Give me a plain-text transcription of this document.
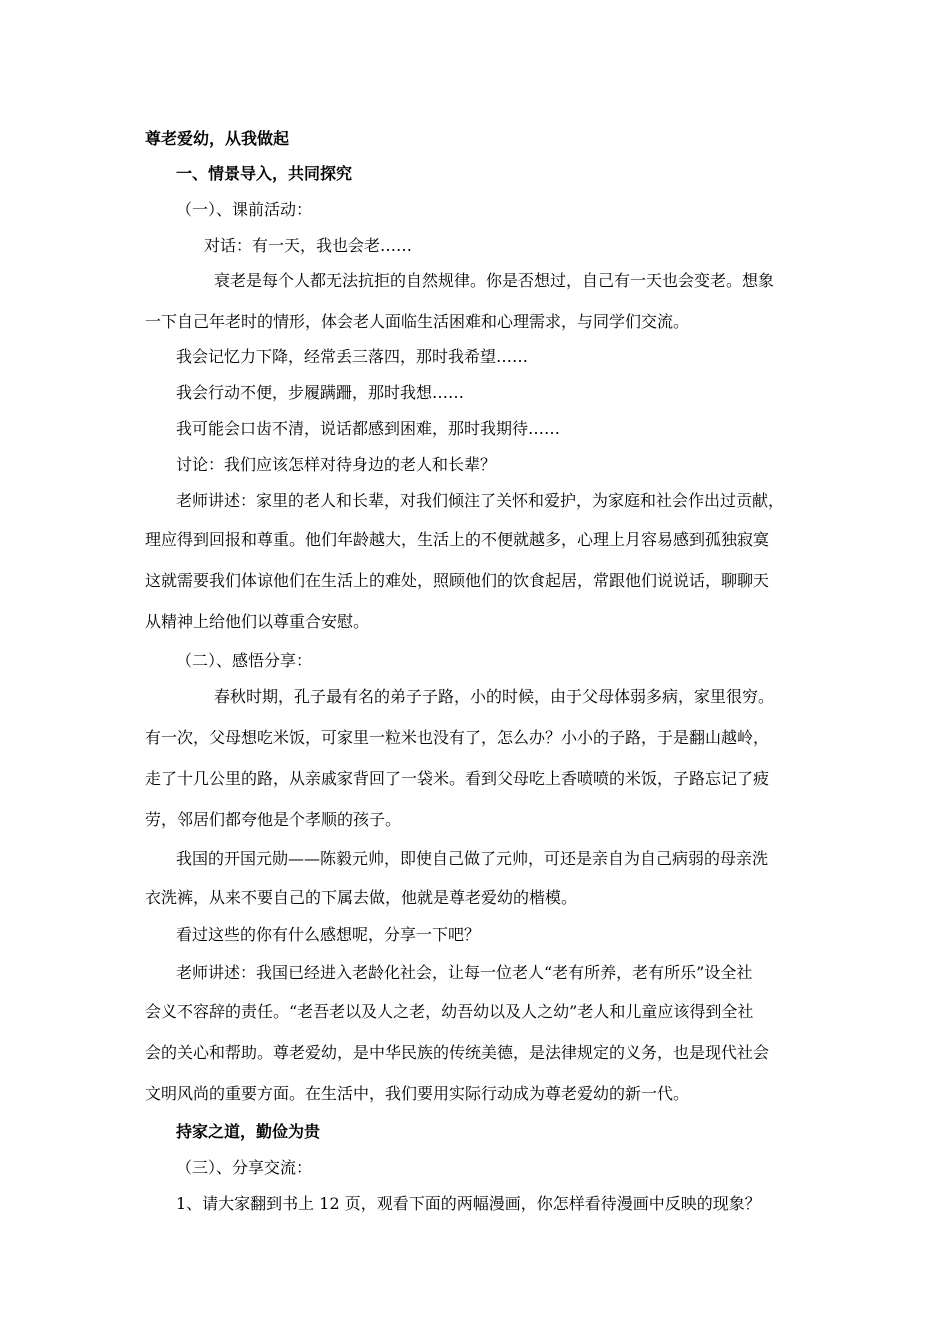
尊老爱幼，从我做起

一、情景导入，共同探究

（一）、课前活动：

对话：有一天，我也会老……

衰老是每个人都无法抗拒的自然规律。你是否想过，自己有一天也会变老。想象

一下自己年老时的情形，体会老人面临生活困难和心理需求，与同学们交流。

我会记忆力下降，经常丢三落四，那时我希望……

我会行动不便，步履蹒跚，那时我想……

我可能会口齿不清，说话都感到困难，那时我期待……

讨论：我们应该怎样对待身边的老人和长辈？

老师讲述：家里的老人和长辈，对我们倾注了关怀和爱护，为家庭和社会作出过贡献，

理应得到回报和尊重。他们年龄越大，生活上的不便就越多，心理上月容易感到孤独寂寞

这就需要我们体谅他们在生活上的难处，照顾他们的饮食起居，常跟他们说说话，聊聊天

从精神上给他们以尊重合安慰。

（二）、感悟分享：

春秋时期，孔子最有名的弟子子路，小的时候，由于父母体弱多病，家里很穷。

有一次，父母想吃米饭，可家里一粒米也没有了，怎么办？小小的子路，于是翻山越岭，

走了十几公里的路，从亲戚家背回了一袋米。看到父母吃上香喷喷的米饭，子路忘记了疲

劳，邻居们都夸他是个孝顺的孩子。

我国的开国元勋——陈毅元帅，即使自己做了元帅，可还是亲自为自己病弱的母亲洗

衣洗裤，从来不要自己的下属去做，他就是尊老爱幼的楷模。

看过这些的你有什么感想呢，分享一下吧？

老师讲述：我国已经进入老龄化社会，让每一位老人“老有所养，老有所乐”设全社

会义不容辞的责任。“老吾老以及人之老，幼吾幼以及人之幼”老人和儿童应该得到全社

会的关心和帮助。尊老爱幼，是中华民族的传统美德，是法律规定的义务，也是现代社会

文明风尚的重要方面。在生活中，我们要用实际行动成为尊老爱幼的新一代。

持家之道，勤俭为贵

（三）、分享交流：

1、请大家翻到书上 12 页，观看下面的两幅漫画，你怎样看待漫画中反映的现象？
